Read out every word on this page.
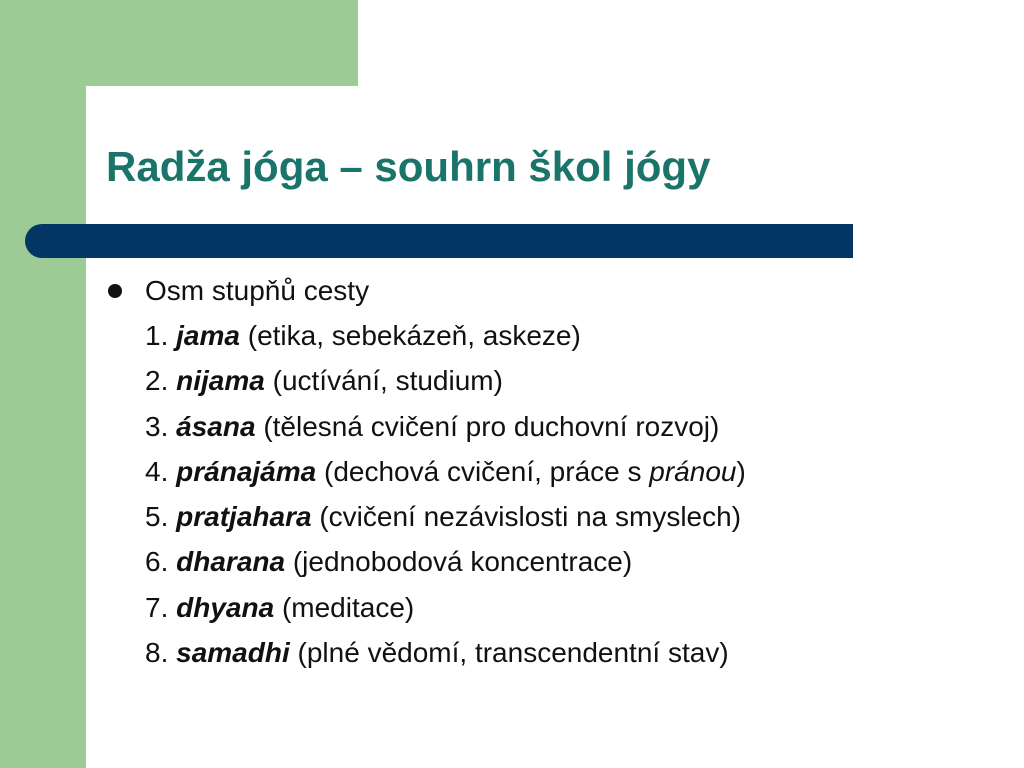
Radža jóga – souhrn škol jógy
Osm stupňů cesty
1. jama (etika, sebekázeň, askeze)
2. nijama (uctívání, studium)
3. ásana (tělesná cvičení pro duchovní rozvoj)
4. pránajáma (dechová cvičení, práce s pránou)
5. pratjahara (cvičení nezávislosti na smyslech)
6. dharana (jednobodová koncentrace)
7. dhyana (meditace)
8. samadhi (plné vědomí, transcendentní stav)
